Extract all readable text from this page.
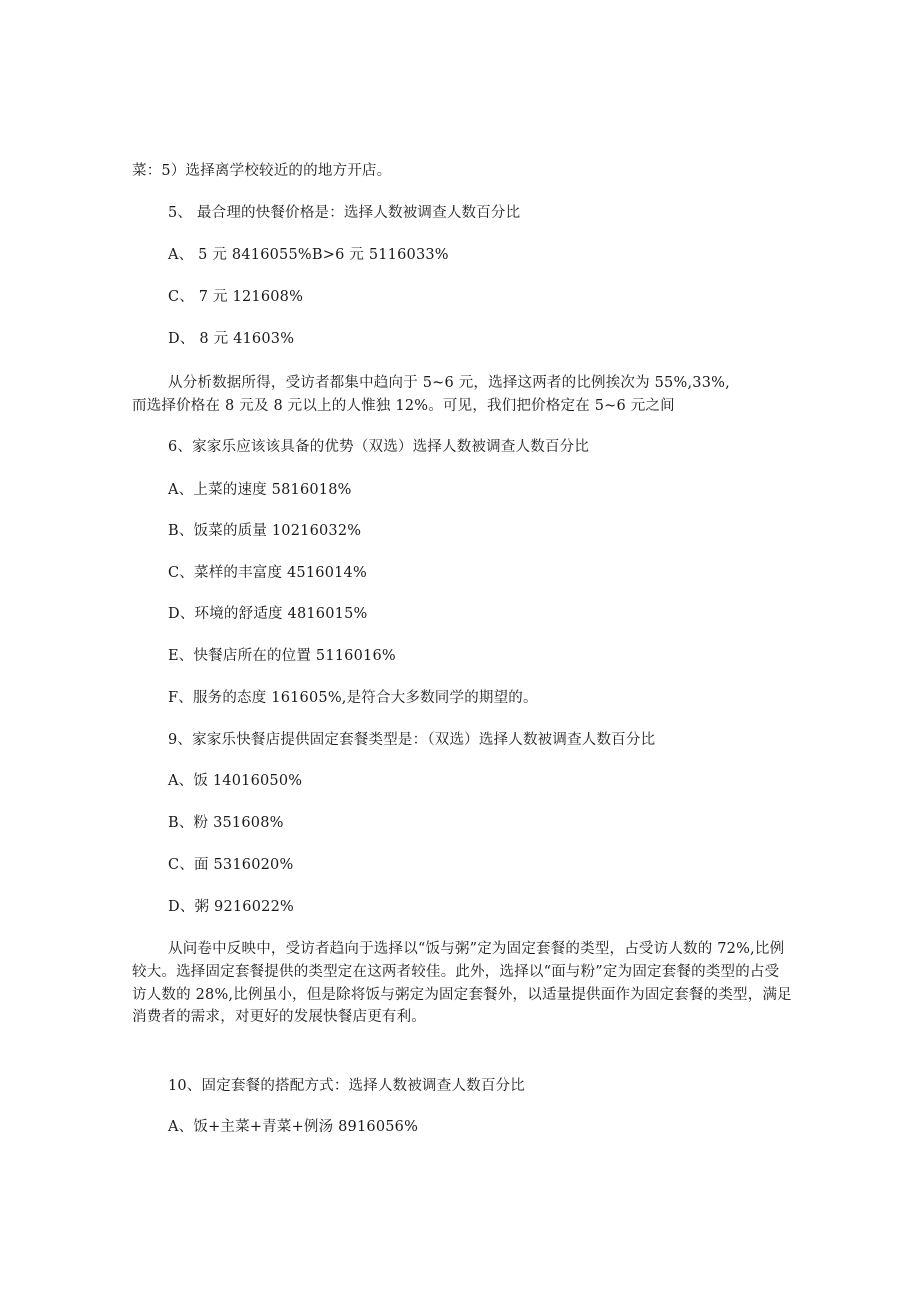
菜：5）选择离学校较近的的地方开店。
5、 最合理的快餐价格是：选择人数被调查人数百分比
A、 5 元 8416055%B>6 元 5116033%
C、 7 元 121608%
D、 8 元 41603%
从分析数据所得，受访者都集中趋向于 5~6 元，选择这两者的比例挨次为 55%,33%,
而选择价格在 8 元及 8 元以上的人惟独 12%。可见，我们把价格定在 5~6 元之间
6、家家乐应该该具备的优势（双选）选择人数被调查人数百分比
A、上菜的速度 5816018%
B、饭菜的质量 10216032%
C、菜样的丰富度 4516014%
D、环境的舒适度 4816015%
E、快餐店所在的位置 5116016%
F、服务的态度 161605%,是符合大多数同学的期望的。
9、家家乐快餐店提供固定套餐类型是：（双选）选择人数被调查人数百分比
A、饭 14016050%
B、粉 351608%
C、面 5316020%
D、粥 9216022%
从问卷中反映中，受访者趋向于选择以“饭与粥”定为固定套餐的类型，占受访人数的 72%,比例较大。选择固定套餐提供的类型定在这两者较佳。此外，选择以“面与粉”定为固定套餐的类型的占受访人数的 28%,比例虽小，但是除将饭与粥定为固定套餐外，以适量提供面作为固定套餐的类型，满足消费者的需求，对更好的发展快餐店更有利。
10、固定套餐的搭配方式：选择人数被调查人数百分比
A、饭+主菜+青菜+例汤 8916056%
